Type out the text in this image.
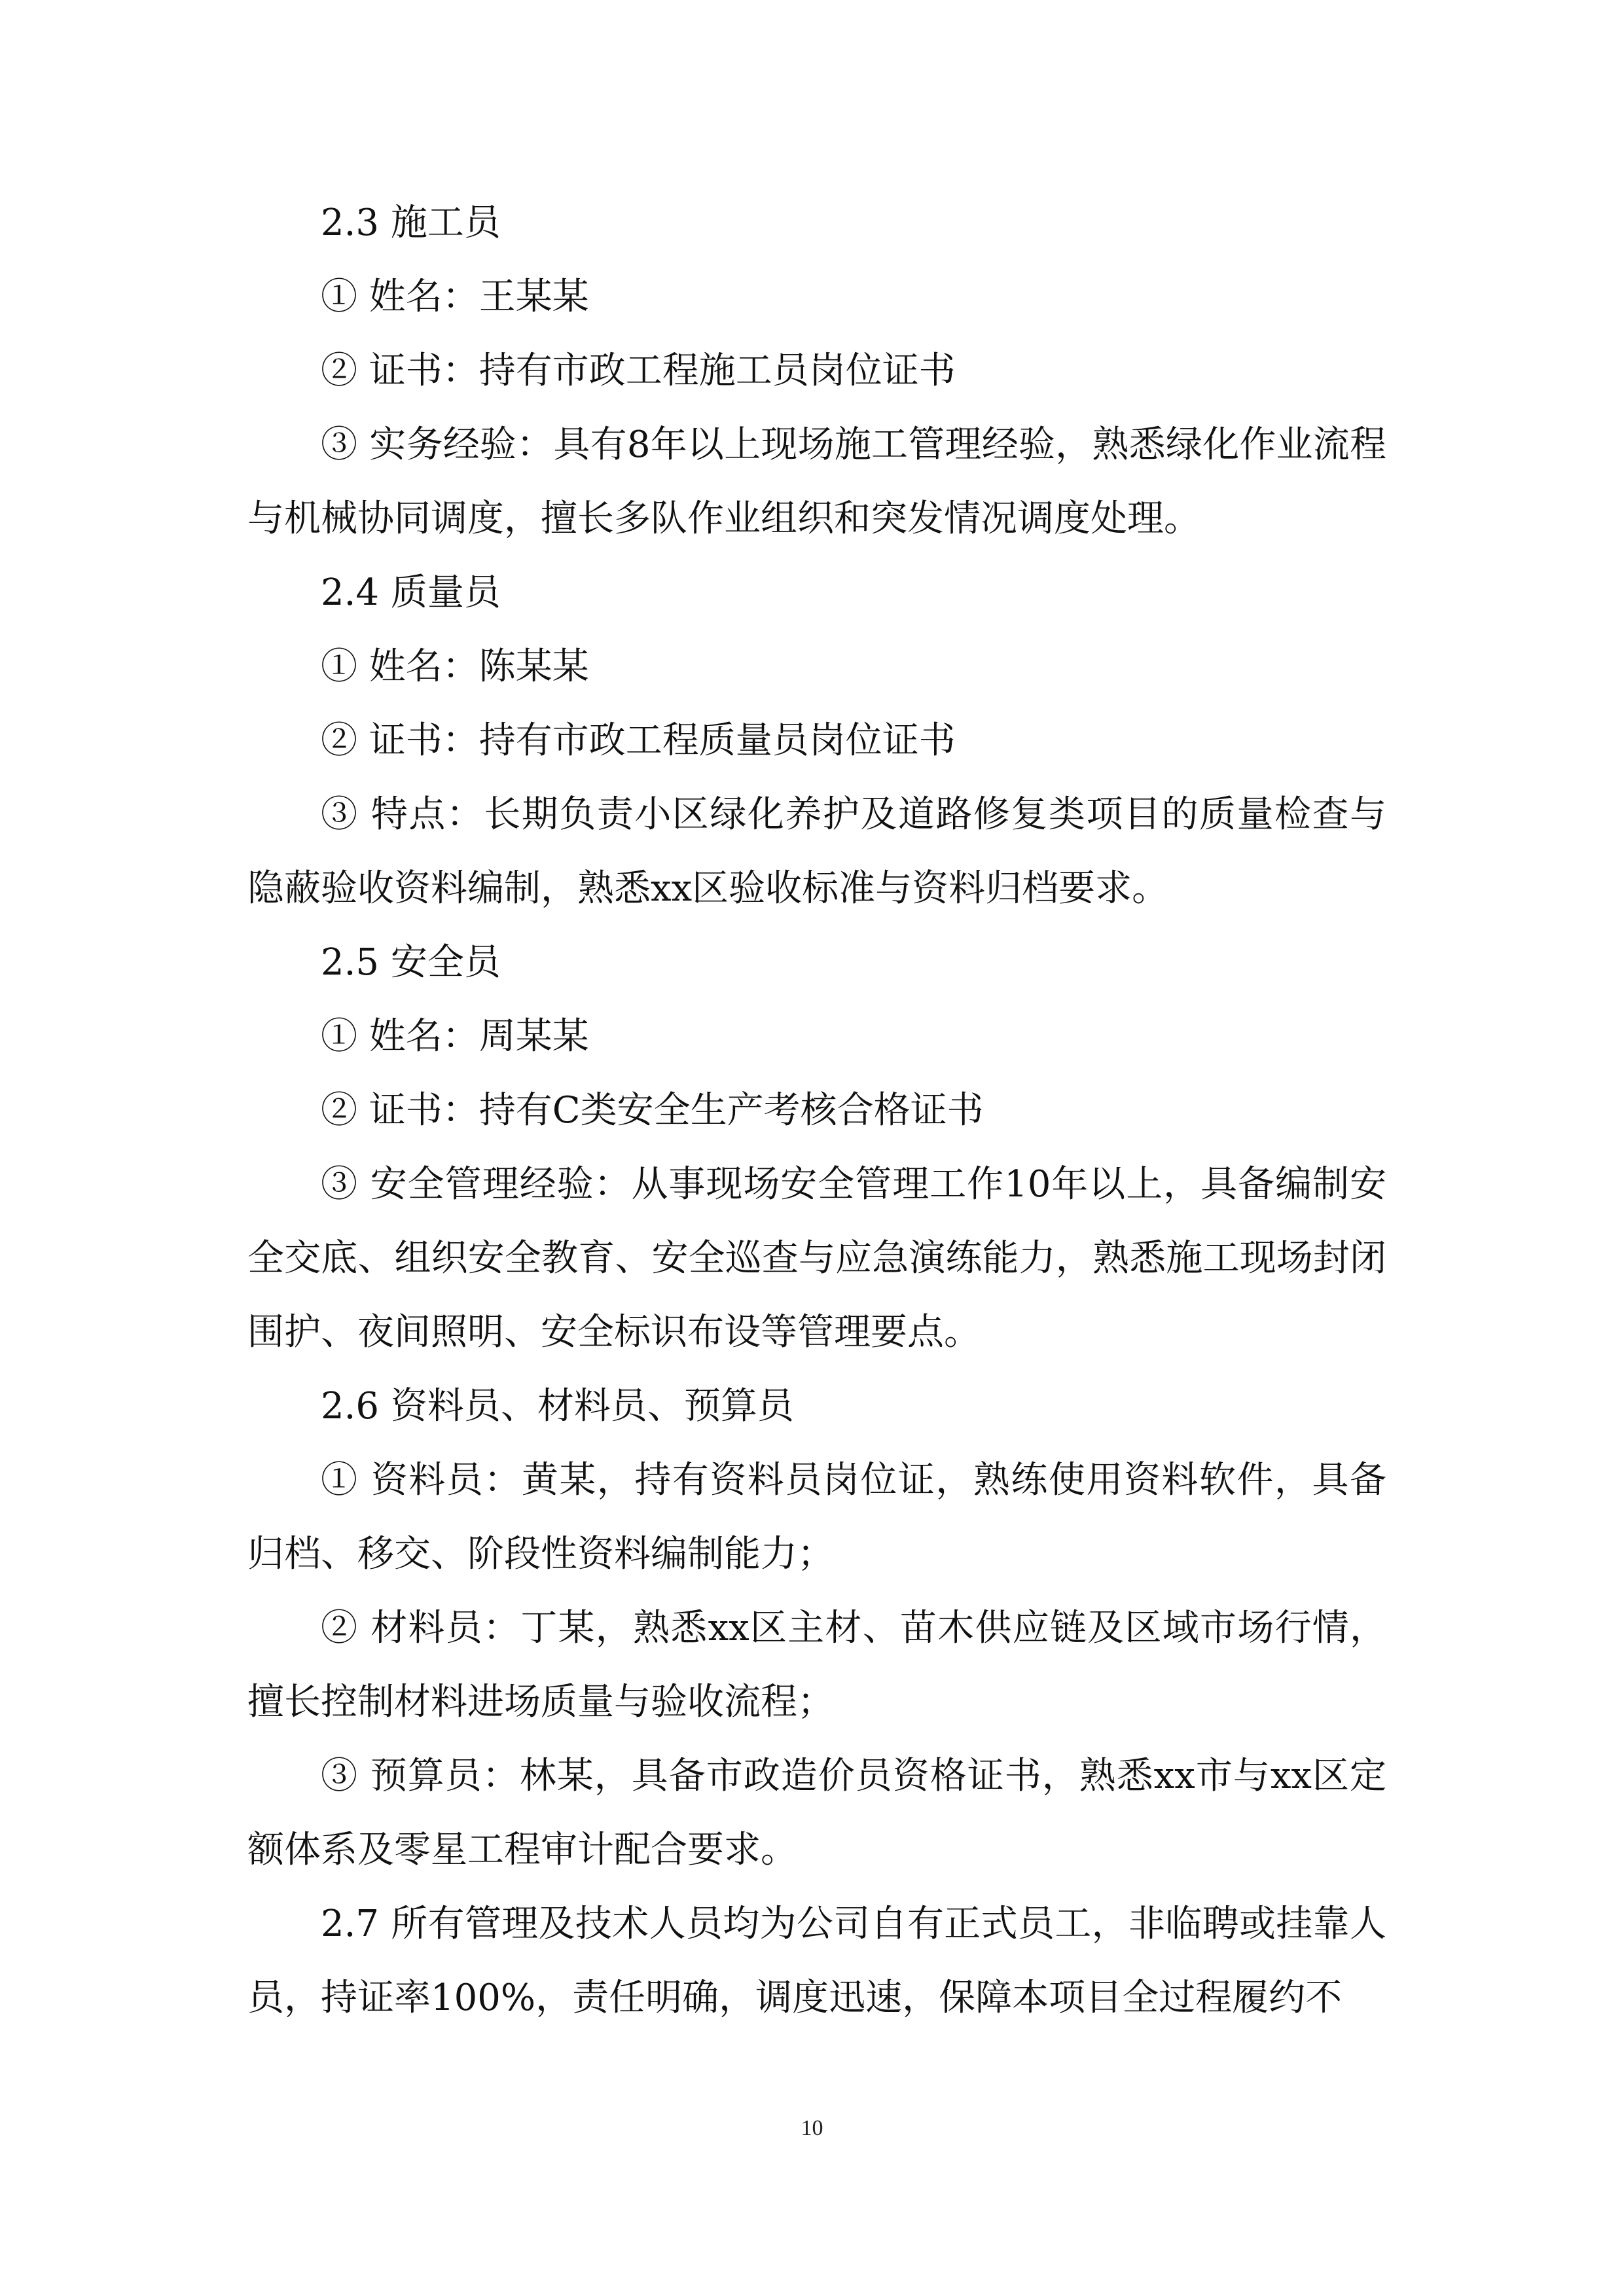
2.3 施工员

① 姓名：王某某

② 证书：持有市政工程施工员岗位证书

③ 实务经验：具有8年以上现场施工管理经验，熟悉绿化作业流程与机械协同调度，擅长多队作业组织和突发情况调度处理。

2.4 质量员

① 姓名：陈某某

② 证书：持有市政工程质量员岗位证书

③ 特点：长期负责小区绿化养护及道路修复类项目的质量检查与隐蔽验收资料编制，熟悉xx区验收标准与资料归档要求。

2.5 安全员

① 姓名：周某某

② 证书：持有C类安全生产考核合格证书

③ 安全管理经验：从事现场安全管理工作10年以上，具备编制安全交底、组织安全教育、安全巡查与应急演练能力，熟悉施工现场封闭围护、夜间照明、安全标识布设等管理要点。

2.6 资料员、材料员、预算员

① 资料员：黄某，持有资料员岗位证，熟练使用资料软件，具备归档、移交、阶段性资料编制能力；

② 材料员：丁某，熟悉xx区主材、苗木供应链及区域市场行情，擅长控制材料进场质量与验收流程；

③ 预算员：林某，具备市政造价员资格证书，熟悉xx市与xx区定额体系及零星工程审计配合要求。

2.7 所有管理及技术人员均为公司自有正式员工，非临聘或挂靠人员，持证率100%，责任明确，调度迅速，保障本项目全过程履约不

10
